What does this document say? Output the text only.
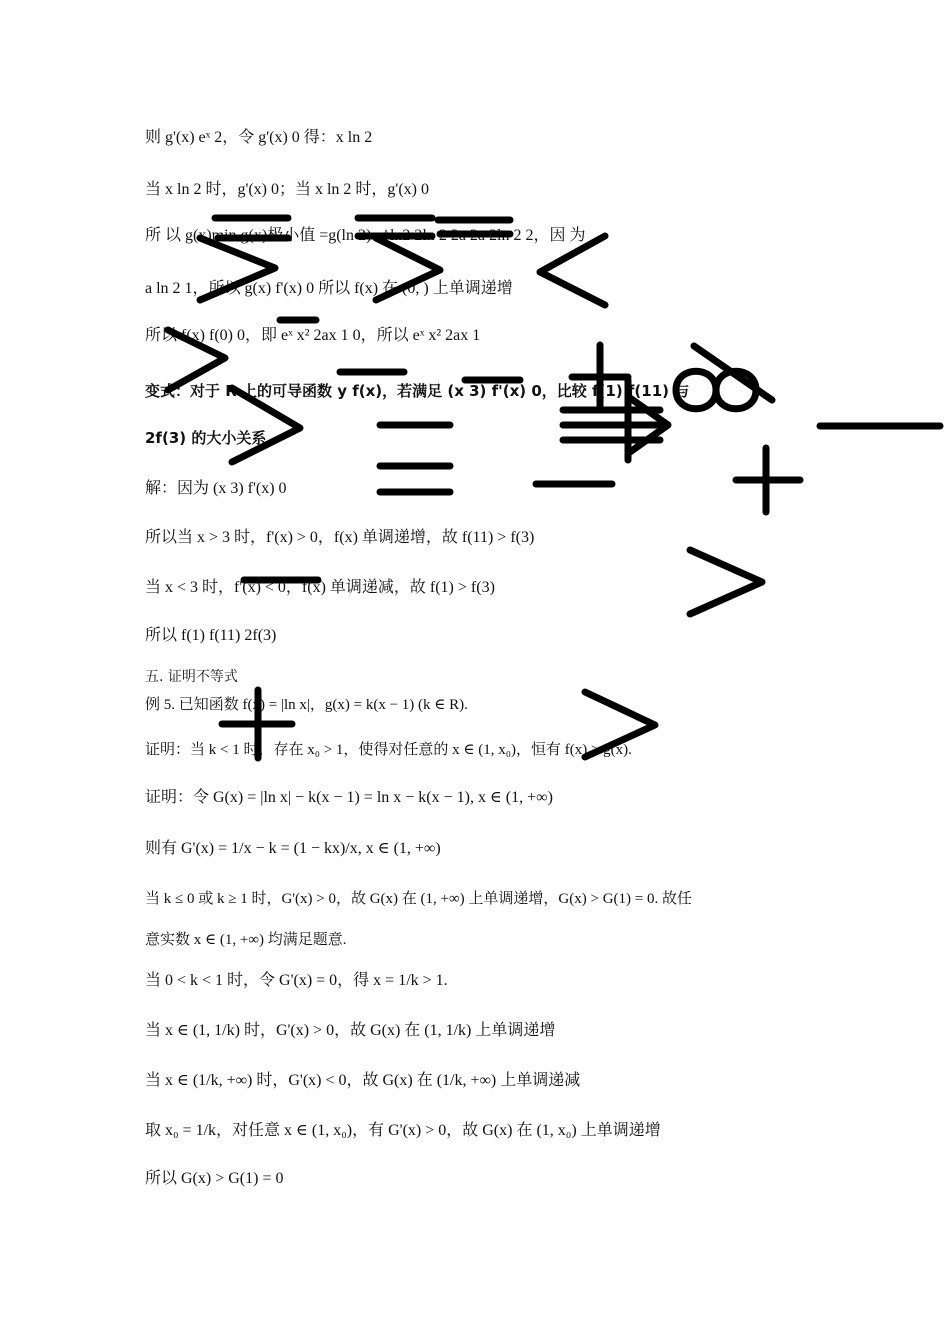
则 g'(x) eˣ 2，令 g'(x) 0 得：x ln 2
当 x ln 2 时，g'(x) 0；当 x ln 2 时，g'(x) 0
所 以 g(x)min g(x)极小值 =g(ln 2) e^ln2 2ln 2 2a 2a 2ln 2 2，因 为
a ln 2 1，所以 g(x) f'(x) 0 所以 f(x) 在 (0, ) 上单调递增
所以 f(x) f(0) 0，即 eˣ x² 2ax 1 0，所以 eˣ x² 2ax 1
变式：对于 R 上的可导函数 y f(x)，若满足 (x 3) f'(x) 0，比较 f(1) f(11) 与
2f(3) 的大小关系.
解：因为 (x 3) f'(x) 0
所以当 x > 3 时，f'(x) > 0，f(x) 单调递增，故 f(11) > f(3)
当 x < 3 时，f'(x) < 0，f(x) 单调递减，故 f(1) > f(3)
所以 f(1) f(11) 2f(3)
五. 证明不等式
例 5. 已知函数 f(x) = |ln x|，g(x) = k(x − 1) (k ∈ R).
证明：当 k < 1 时，存在 x₀ > 1，使得对任意的 x ∈ (1, x₀)，恒有 f(x) > g(x).
证明：令 G(x) = |ln x| − k(x − 1) = ln x − k(x − 1), x ∈ (1, +∞)
则有 G'(x) = 1/x − k = (1 − kx)/x, x ∈ (1, +∞)
当 k ≤ 0 或 k ≥ 1 时，G'(x) > 0，故 G(x) 在 (1, +∞) 上单调递增，G(x) > G(1) = 0. 故任
意实数 x ∈ (1, +∞) 均满足题意.
当 0 < k < 1 时，令 G'(x) = 0，得 x = 1/k > 1.
当 x ∈ (1, 1/k) 时，G'(x) > 0，故 G(x) 在 (1, 1/k) 上单调递增
当 x ∈ (1/k, +∞) 时，G'(x) < 0，故 G(x) 在 (1/k, +∞) 上单调递减
取 x₀ = 1/k，对任意 x ∈ (1, x₀)，有 G'(x) > 0，故 G(x) 在 (1, x₀) 上单调递增
所以 G(x) > G(1) = 0
